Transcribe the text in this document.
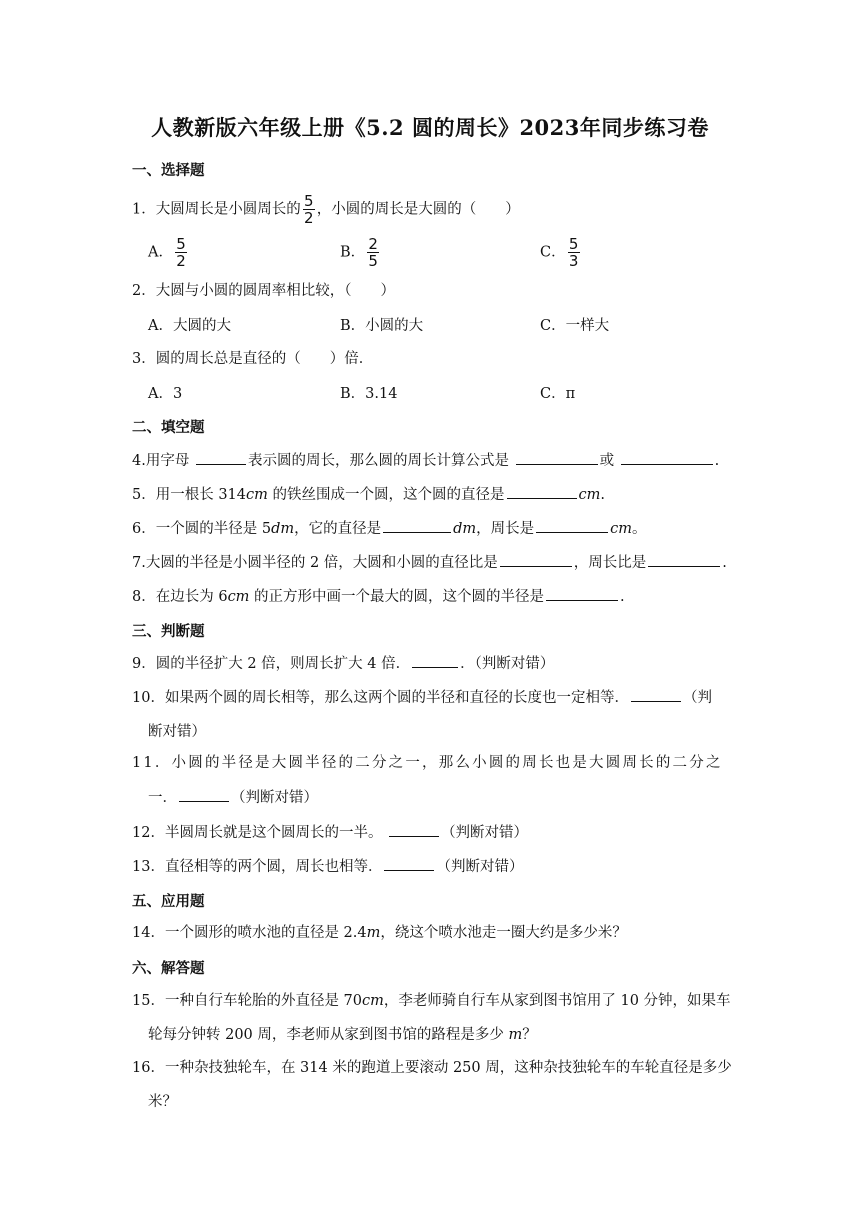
人教新版六年级上册《5.2 圆的周长》2023年同步练习卷
一、选择题
1．大圆周长是小圆周长的 $\frac{5}{2}$ ，小圆的周长是大圆的（　　）
A． $\frac{5}{2}$	B． $\frac{2}{5}$	C． $\frac{5}{3}$
2．大圆与小圆的圆周率相比较，（　　）
A．大圆的大	B．小圆的大	C．一样大
3．圆的周长总是直径的（　　）倍．
A．3	B．3.14	C．π
二、填空题
4.用字母	表示圆的周长，那么圆的周长计算公式是	或	.
5．用一根长 314cm 的铁丝围成一个圆，这个圆的直径是	cm.
6．一个圆的半径是 5dm，它的直径是	dm，周长是	cm。
7.大圆的半径是小圆半径的 2 倍，大圆和小圆的直径比是	，周长比是	.
8．在边长为 6cm 的正方形中画一个最大的圆，这个圆的半径是	.
三、判断题
9．圆的半径扩大 2 倍，则周长扩大 4 倍．	．（判断对错）
10．如果两个圆的周长相等，那么这两个圆的半径和直径的长度也一定相等．	（判
断对错）
11．小圆的半径是大圆半径的二分之一，那么小圆的周长也是大圆周长的二分之
一．	（判断对错）
12．半圆周长就是这个圆周长的一半。	（判断对错）
13．直径相等的两个圆，周长也相等．	（判断对错）
五、应用题
14．一个圆形的喷水池的直径是 2.4m，绕这个喷水池走一圈大约是多少米？
六、解答题
15．一种自行车轮胎的外直径是 70cm，李老师骑自行车从家到图书馆用了 10 分钟，如果车
轮每分钟转 200 周，李老师从家到图书馆的路程是多少 m？
16．一种杂技独轮车，在 314 米的跑道上要滚动 250 周，这种杂技独轮车的车轮直径是多少
米？
